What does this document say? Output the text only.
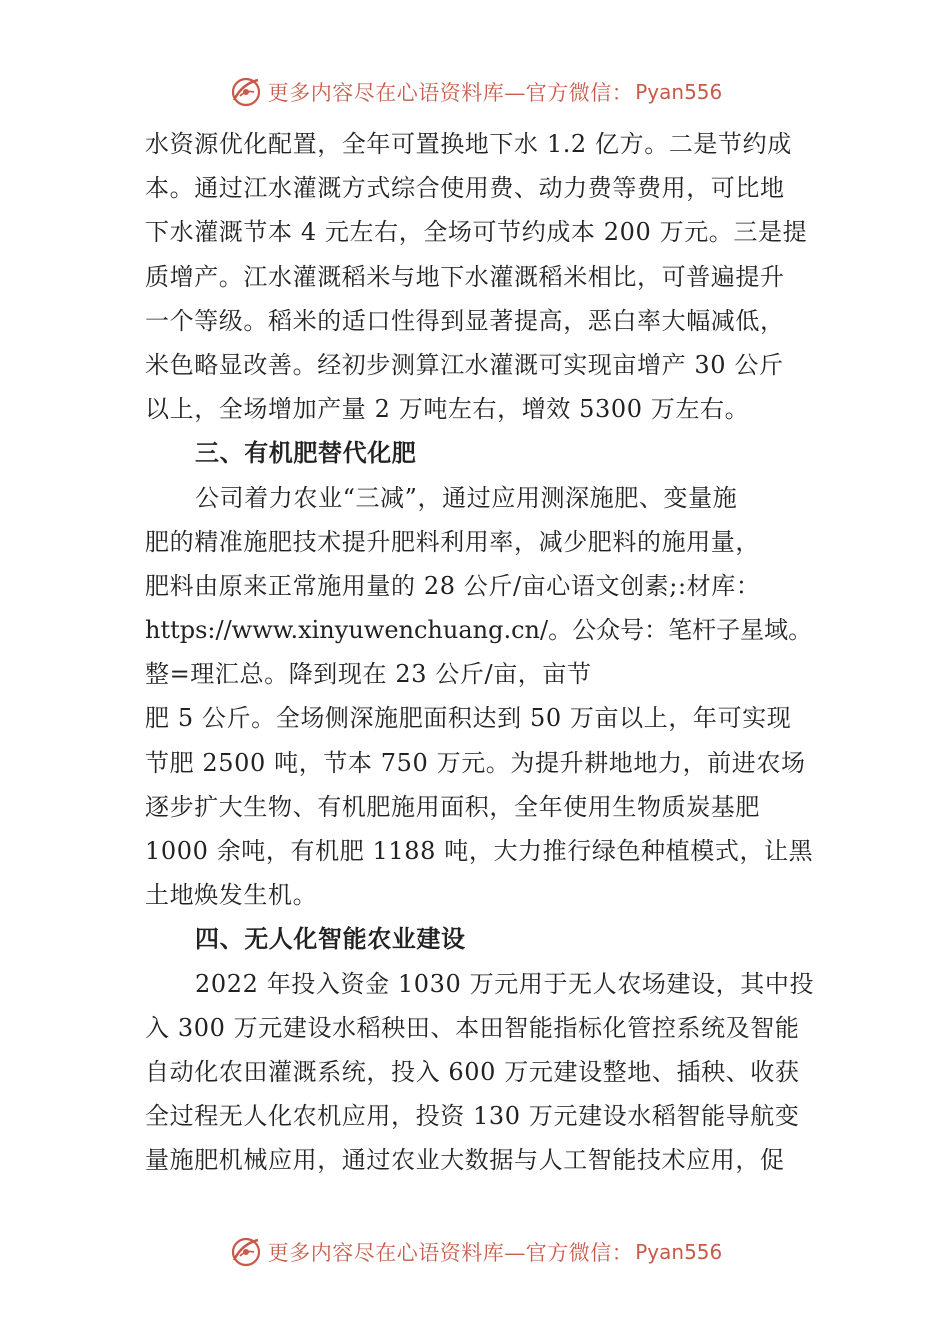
更多内容尽在心语资料库—官方微信： Pyan556
水资源优化配置，全年可置换地下水 1.2 亿方。二是节约成
本。通过江水灌溉方式综合使用费、动力费等费用，可比地
下水灌溉节本 4 元左右，全场可节约成本 200 万元。三是提
质增产。江水灌溉稻米与地下水灌溉稻米相比，可普遍提升
一个等级。稻米的适口性得到显著提高，恶白率大幅减低，
米色略显改善。经初步测算江水灌溉可实现亩增产 30 公斤
以上，全场增加产量 2 万吨左右，增效 5300 万左右。
三、有机肥替代化肥
公司着力农业“三减”，通过应用测深施肥、变量施
肥的精准施肥技术提升肥料利用率，减少肥料的施用量，
肥料由原来正常施用量的 28 公斤/亩心语文创素;:材库：
https://www.xinyuwenchuang.cn/。公众号：笔杆子星域。
整=理汇总。降到现在 23 公斤/亩，亩节
肥 5 公斤。全场侧深施肥面积达到 50 万亩以上，年可实现
节肥 2500 吨，节本 750 万元。为提升耕地地力，前进农场
逐步扩大生物、有机肥施用面积，全年使用生物质炭基肥
1000 余吨，有机肥 1188 吨，大力推行绿色种植模式，让黑
土地焕发生机。
四、无人化智能农业建设
2022 年投入资金 1030 万元用于无人农场建设，其中投
入 300 万元建设水稻秧田、本田智能指标化管控系统及智能
自动化农田灌溉系统，投入 600 万元建设整地、插秧、收获
全过程无人化农机应用，投资 130 万元建设水稻智能导航变
量施肥机械应用，通过农业大数据与人工智能技术应用，促
更多内容尽在心语资料库—官方微信： Pyan556
